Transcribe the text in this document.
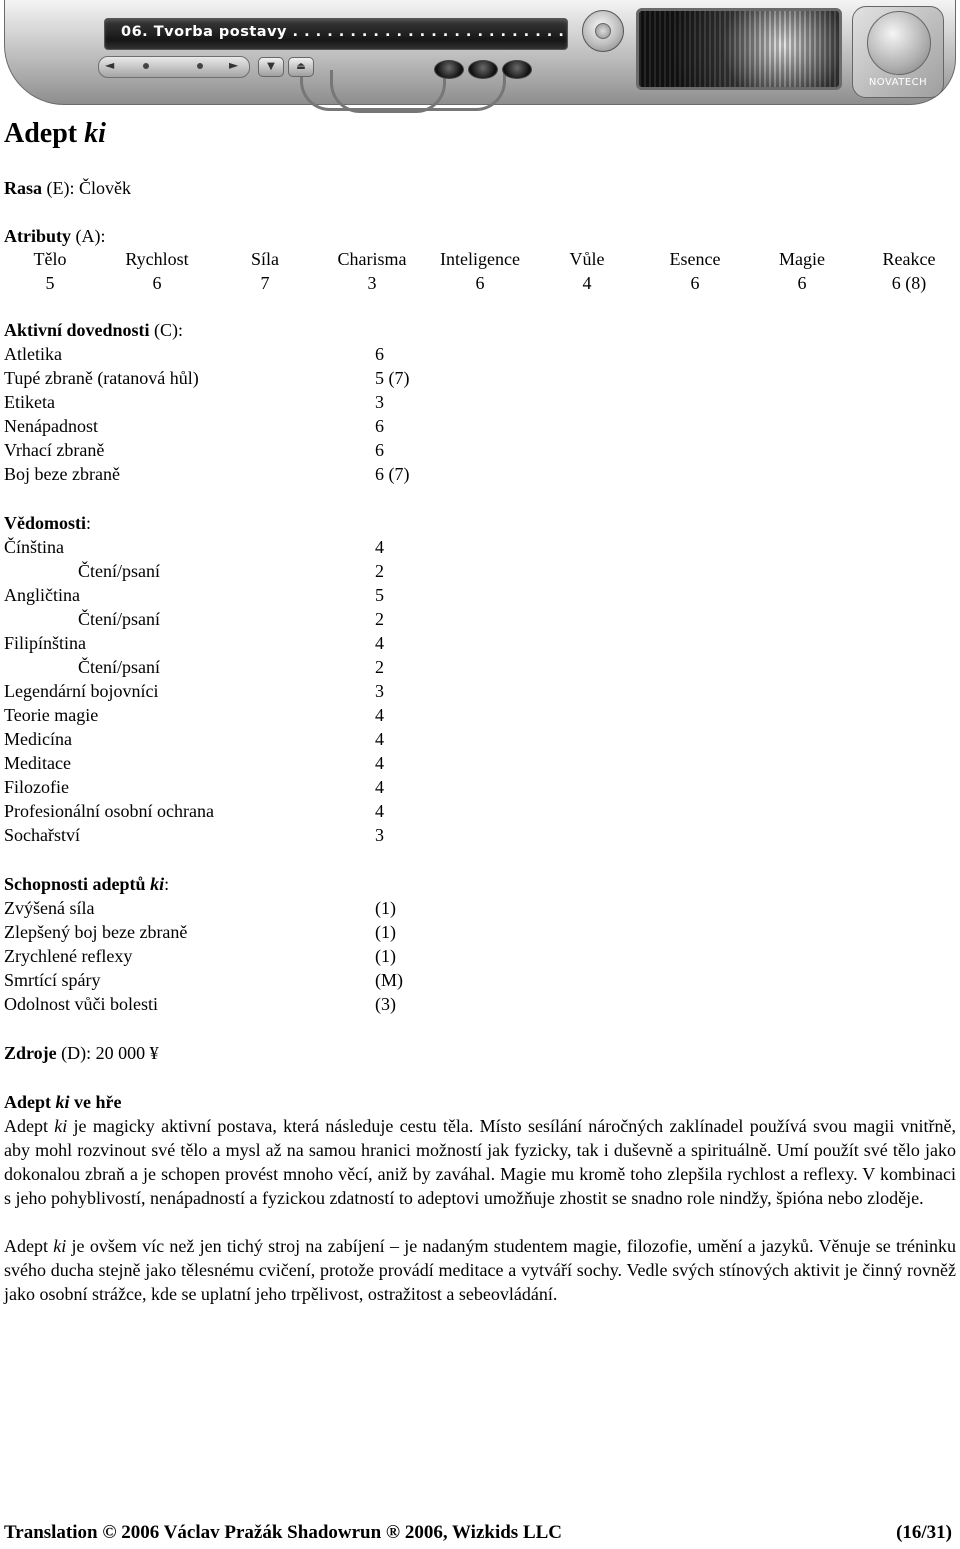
06. Tvorba postavy . . . . . . . . . . . . . . . . . . . . . . . .
◄	►	▼	⏏
NOVATECH
Adept ki
Rasa (E): Člověk
Atributy (A):
Tělo	Rychlost	Síla	Charisma	Inteligence	Vůle	Esence	Magie	Reakce
5	6	7	3	6	4	6	6	6 (8)
Aktivní dovednosti (C):
Atletika	6
Tupé zbraně (ratanová hůl)	5 (7)
Etiketa	3
Nenápadnost	6
Vrhací zbraně	6
Boj beze zbraně	6 (7)
Vědomosti:
Čínština	4
Čtení/psaní	2
Angličtina	5
Čtení/psaní	2
Filipínština	4
Čtení/psaní	2
Legendární bojovníci	3
Teorie magie	4
Medicína	4
Meditace	4
Filozofie	4
Profesionální osobní ochrana	4
Sochařství	3
Schopnosti adeptů ki:
Zvýšená síla	(1)
Zlepšený boj beze zbraně	(1)
Zrychlené reflexy	(1)
Smrtící spáry	(M)
Odolnost vůči bolesti	(3)
Zdroje (D): 20 000 ¥
Adept ki ve hře

Adept ki je magicky aktivní postava, která následuje cestu těla. Místo sesílání náročných zaklínadel používá svou magii vnitřně, aby mohl rozvinout své tělo a mysl až na samou hranici možností jak fyzicky, tak i duševně a spirituálně. Umí použít své tělo jako dokonalou zbraň a je schopen provést mnoho věcí, aniž by zaváhal. Magie mu kromě toho zlepšila rychlost a reflexy. V kombinaci s jeho pohyblivostí, nenápadností a fyzickou zdatností to adeptovi umožňuje zhostit se snadno role nindžy, špióna nebo zloděje.

Adept ki je ovšem víc než jen tichý stroj na zabíjení – je nadaným studentem magie, filozofie, umění a jazyků. Věnuje se tréninku svého ducha stejně jako tělesnému cvičení, protože provádí meditace a vytváří sochy. Vedle svých stínových aktivit je činný rovněž jako osobní strážce, kde se uplatní jeho trpělivost, ostražitost a sebeovládání.

Translation © 2006 Václav Pražák Shadowrun ® 2006, Wizkids LLC	(16/31)
